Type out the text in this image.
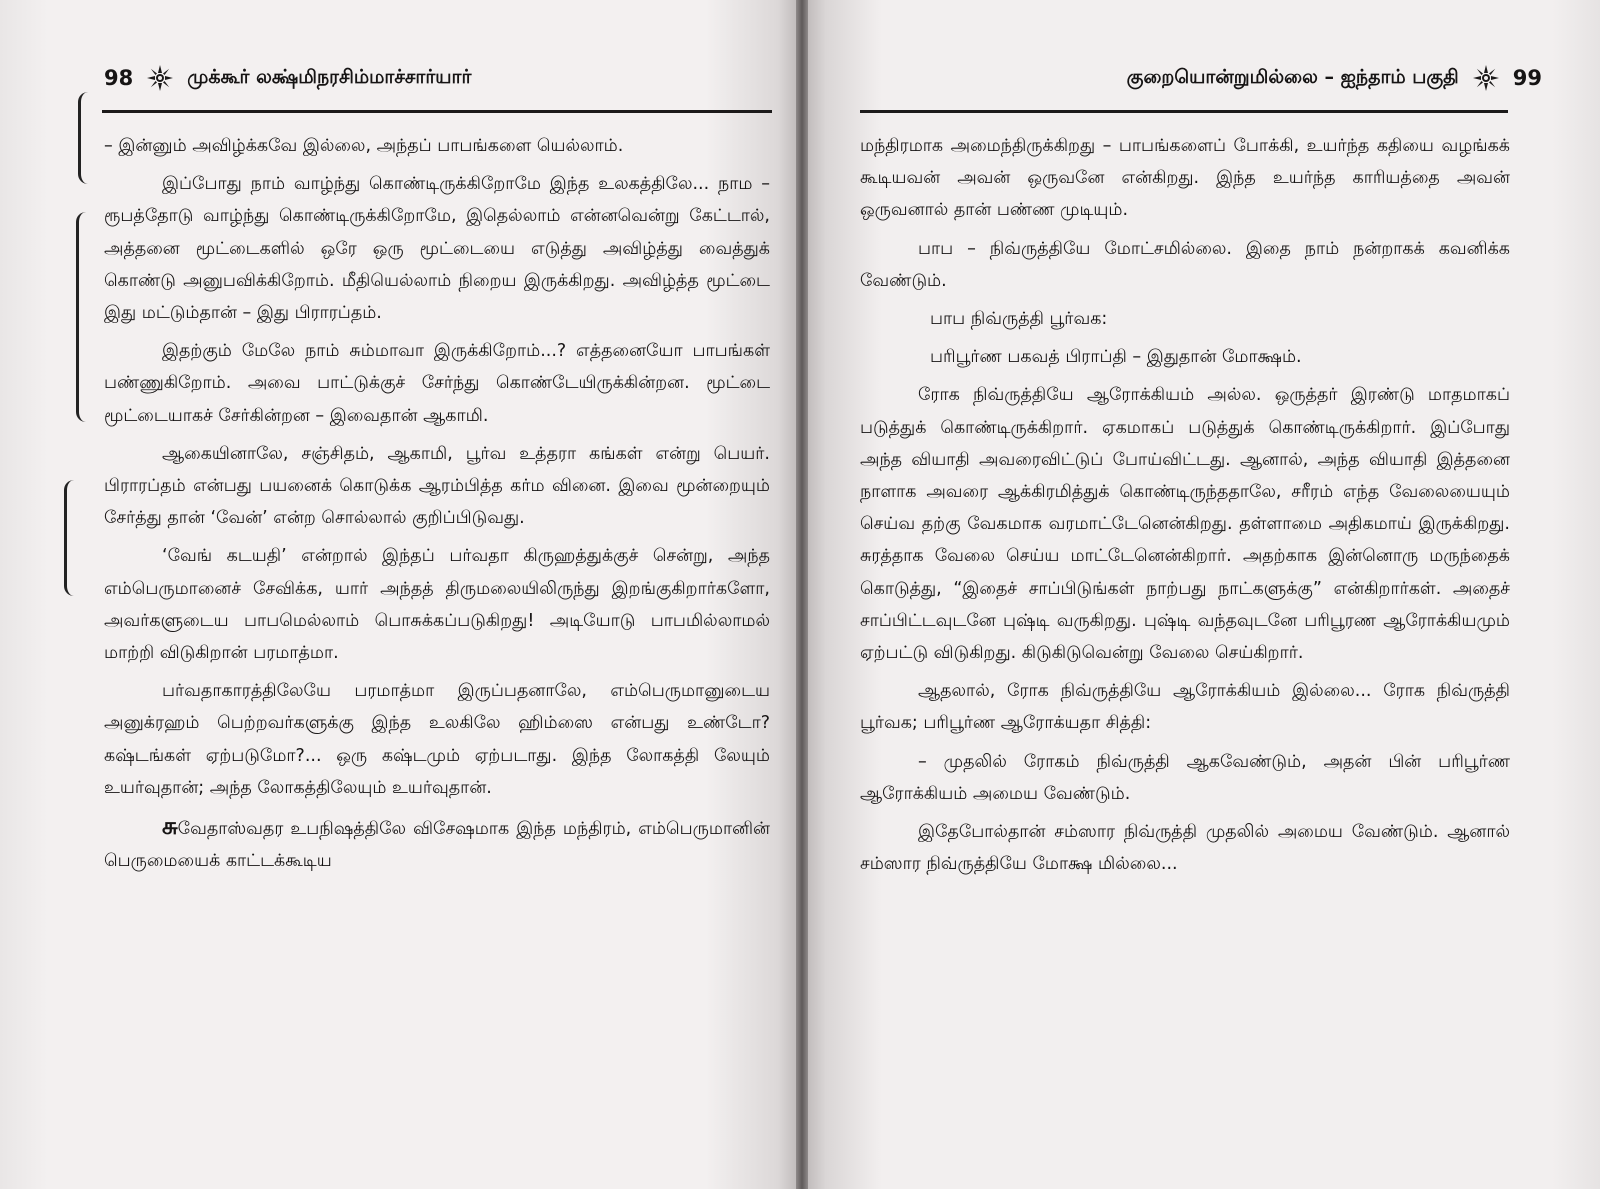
98	முக்கூர் லக்ஷ்மிநரசிம்மாச்சார்யார்

– இன்னும் அவிழ்க்கவே இல்லை, அந்தப் பாபங்களை யெல்லாம்.

இப்போது நாம் வாழ்ந்து கொண்டிருக்கிறோமே இந்த உலகத்திலே... நாம – ரூபத்தோடு வாழ்ந்து கொண்டிருக்கிறோமே, இதெல்லாம் என்னவென்று கேட்டால், அத்தனை மூட்டைகளில் ஒரே ஒரு மூட்டையை எடுத்து அவிழ்த்து வைத்துக் கொண்டு அனுபவிக்கிறோம். மீதியெல்லாம் நிறைய இருக்கிறது. அவிழ்த்த மூட்டை இது மட்டும்தான் – இது பிராரப்தம்.

இதற்கும் மேலே நாம் சும்மாவா இருக்கிறோம்...? எத்தனையோ பாபங்கள் பண்ணுகிறோம். அவை பாட்டுக்குச் சேர்ந்து கொண்டேயிருக்கின்றன. மூட்டை மூட்டையாகச் சேர்கின்றன – இவைதான் ஆகாமி.

ஆகையினாலே, சஞ்சிதம், ஆகாமி, பூர்வ உத்தரா கங்கள் என்று பெயர். பிராரப்தம் என்பது பயனைக் கொடுக்க ஆரம்பித்த கர்ம வினை. இவை மூன்றையும் சேர்த்து தான் ‘வேன்’ என்ற சொல்லால் குறிப்பிடுவது.

‘வேங் கடயதி’ என்றால் இந்தப் பர்வதா கிருஹத்துக்குச் சென்று, அந்த எம்பெருமானைச் சேவிக்க, யார் அந்தத் திருமலையிலிருந்து இறங்குகிறார்களோ, அவர்களுடைய பாபமெல்லாம் பொசுக்கப்படுகிறது! அடியோடு பாபமில்லாமல் மாற்றி விடுகிறான் பரமாத்மா.

பர்வதாகாரத்திலேயே பரமாத்மா இருப்பதனாலே, எம்பெருமானுடைய அனுக்ரஹம் பெற்றவர்களுக்கு இந்த உலகிலே ஹிம்ஸை என்பது உண்டோ? கஷ்டங்கள் ஏற்படுமோ?... ஒரு கஷ்டமும் ஏற்படாது. இந்த லோகத்தி லேயும் உயர்வுதான்; அந்த லோகத்திலேயும் உயர்வுதான்.

சுவேதாஸ்வதர உபநிஷத்திலே விசேஷமாக இந்த மந்திரம், எம்பெருமானின் பெருமையைக் காட்டக்கூடிய

குறையொன்றுமில்லை – ஐந்தாம் பகுதி	99

மந்திரமாக அமைந்திருக்கிறது – பாபங்களைப் போக்கி, உயர்ந்த கதியை வழங்கக் கூடியவன் அவன் ஒருவனே என்கிறது. இந்த உயர்ந்த காரியத்தை அவன் ஒருவனால் தான் பண்ண முடியும்.

பாப – நிவ்ருத்தியே மோட்சமில்லை. இதை நாம் நன்றாகக் கவனிக்க வேண்டும்.

பாப நிவ்ருத்தி பூர்வக:

பரிபூர்ண பகவத் பிராப்தி – இதுதான் மோக்ஷம்.

ரோக நிவ்ருத்தியே ஆரோக்கியம் அல்ல. ஒருத்தர் இரண்டு மாதமாகப் படுத்துக் கொண்டிருக்கிறார். ஏகமாகப் படுத்துக் கொண்டிருக்கிறார். இப்போது அந்த வியாதி அவரைவிட்டுப் போய்விட்டது. ஆனால், அந்த வியாதி இத்தனை நாளாக அவரை ஆக்கிரமித்துக் கொண்டிருந்ததாலே, சரீரம் எந்த வேலையையும் செய்வ தற்கு வேகமாக வரமாட்டேனென்கிறது. தள்ளாமை அதிகமாய் இருக்கிறது. சுரத்தாக வேலை செய்ய மாட்டேனென்கிறார். அதற்காக இன்னொரு மருந்தைக் கொடுத்து, “இதைச் சாப்பிடுங்கள் நாற்பது நாட்களுக்கு” என்கிறார்கள். அதைச் சாப்பிட்டவுடனே புஷ்டி வருகிறது. புஷ்டி வந்தவுடனே பரிபூரண ஆரோக்கியமும் ஏற்பட்டு விடுகிறது. கிடுகிடுவென்று வேலை செய்கிறார்.

ஆதலால், ரோக நிவ்ருத்தியே ஆரோக்கியம் இல்லை... ரோக நிவ்ருத்தி பூர்வக; பரிபூர்ண ஆரோக்யதா சித்தி:

– முதலில் ரோகம் நிவ்ருத்தி ஆகவேண்டும், அதன் பின் பரிபூர்ண ஆரோக்கியம் அமைய வேண்டும்.

இதேபோல்தான் சம்ஸார நிவ்ருத்தி முதலில் அமைய வேண்டும். ஆனால் சம்ஸார நிவ்ருத்தியே மோக்ஷ மில்லை...
